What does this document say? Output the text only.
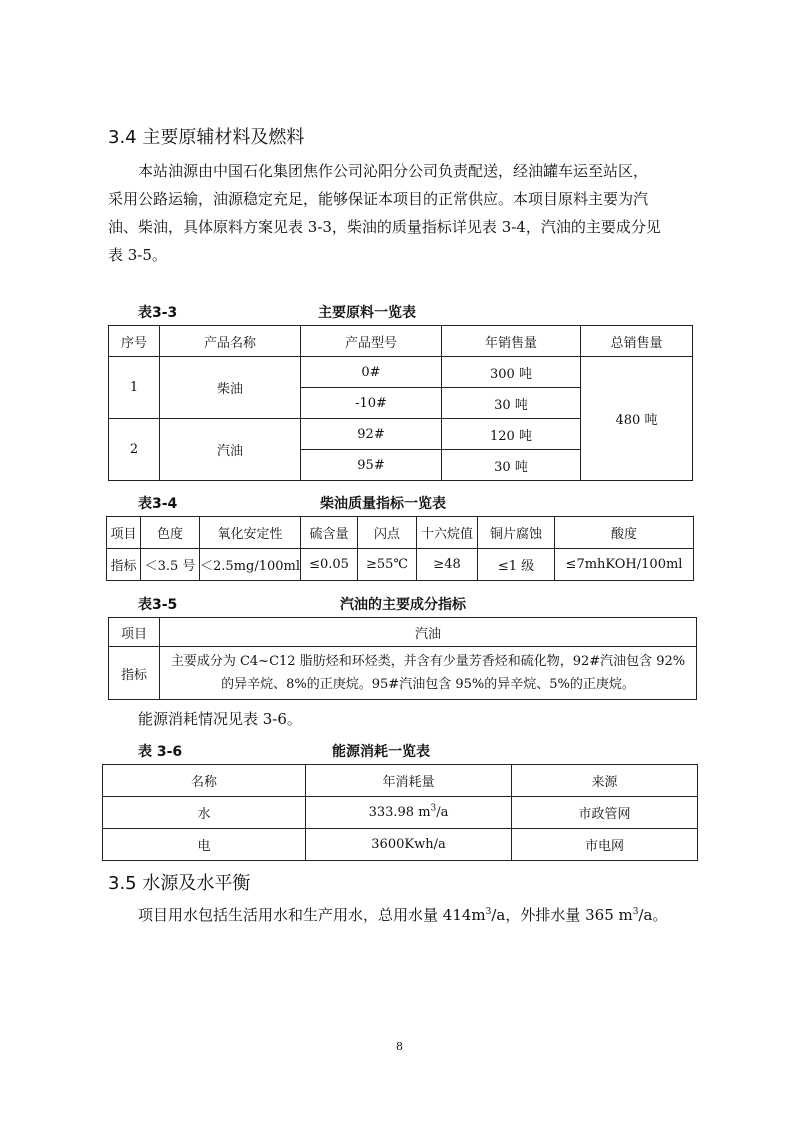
3.4 主要原辅材料及燃料
本站油源由中国石化集团焦作公司沁阳分公司负责配送，经油罐车运至站区，
采用公路运输，油源稳定充足，能够保证本项目的正常供应。本项目原料主要为汽
油、柴油，具体原料方案见表 3-3，柴油的质量指标详见表 3-4，汽油的主要成分见
表 3-5。
表3-3	主要原料一览表
序号	产品名称	产品型号	年销售量	总销售量
1	柴油	0#	300 吨	480 吨
		-10#	30 吨	
2	汽油	92#	120 吨	
		95#	30 吨	
表3-4	柴油质量指标一览表
项目	色度	氧化安定性	硫含量	闪点	十六烷值	铜片腐蚀	酸度
指标	＜3.5 号	＜2.5mg/100ml	≤0.05	≥55℃	≥48	≤1 级	≤7mhKOH/100ml
表3-5	汽油的主要成分指标
项目	汽油
指标	主要成分为 C4~C12 脂肪烃和环烃类，并含有少量芳香烃和硫化物，92#汽油包含 92%
的异辛烷、8%的正庚烷。95#汽油包含 95%的异辛烷、5%的正庚烷。
能源消耗情况见表 3-6。
表 3-6	能源消耗一览表
名称	年消耗量	来源
水	333.98 $m^3/a$	市政管网
电	3600Kwh/a	市电网
3.5 水源及水平衡
项目用水包括生活用水和生产用水，总用水量 $414m^3/a$，外排水量 365 $m^3/a$。
8
